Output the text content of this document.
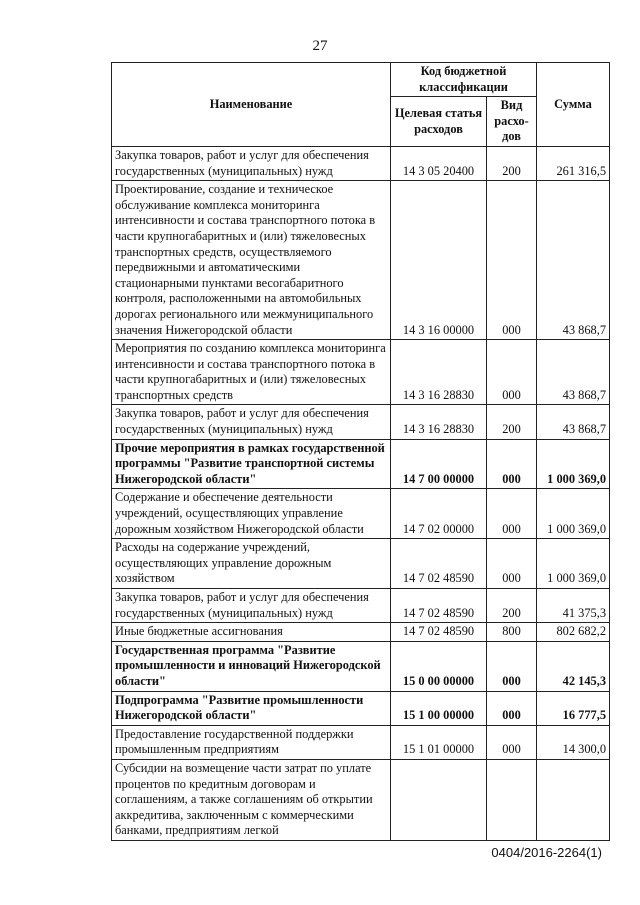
27
Наименование	Код бюджетной классификации		Сумма
	Целевая статья расходов	Вид расхо-дов	
Закупка товаров, работ и услуг для обеспечения государственных (муниципальных) нужд	14 3 05 20400	200	261 316,5
Проектирование, создание и техническое обслуживание комплекса мониторинга интенсивности и состава транспортного потока в части крупногабаритных и (или) тяжеловесных транспортных средств, осуществляемого передвижными и автоматическими стационарными пунктами весогабаритного контроля, расположенными на автомобильных дорогах регионального или межмуниципального значения Нижегородской области	14 3 16 00000	000	43 868,7
Мероприятия по созданию комплекса мониторинга интенсивности и состава транспортного потока в части крупногабаритных и (или) тяжеловесных транспортных средств	14 3 16 28830	000	43 868,7
Закупка товаров, работ и услуг для обеспечения государственных (муниципальных) нужд	14 3 16 28830	200	43 868,7
Прочие мероприятия в рамках государственной программы "Развитие транспортной системы Нижегородской области"	14 7 00 00000	000	1 000 369,0
Содержание и обеспечение деятельности учреждений, осуществляющих управление дорожным хозяйством Нижегородской области	14 7 02 00000	000	1 000 369,0
Расходы на содержание учреждений, осуществляющих управление дорожным хозяйством	14 7 02 48590	000	1 000 369,0
Закупка товаров, работ и услуг для обеспечения государственных (муниципальных) нужд	14 7 02 48590	200	41 375,3
Иные бюджетные ассигнования	14 7 02 48590	800	802 682,2
Государственная программа "Развитие промышленности и инноваций Нижегородской области"	15 0 00 00000	000	42 145,3
Подпрограмма "Развитие промышленности Нижегородской области"	15 1 00 00000	000	16 777,5
Предоставление государственной поддержки промышленным предприятиям	15 1 01 00000	000	14 300,0
Субсидии на возмещение части затрат по уплате процентов по кредитным договорам и соглашениям, а также соглашениям об открытии аккредитива, заключенным с коммерческими банками, предприятиям легкой			
0404/2016-2264(1)
